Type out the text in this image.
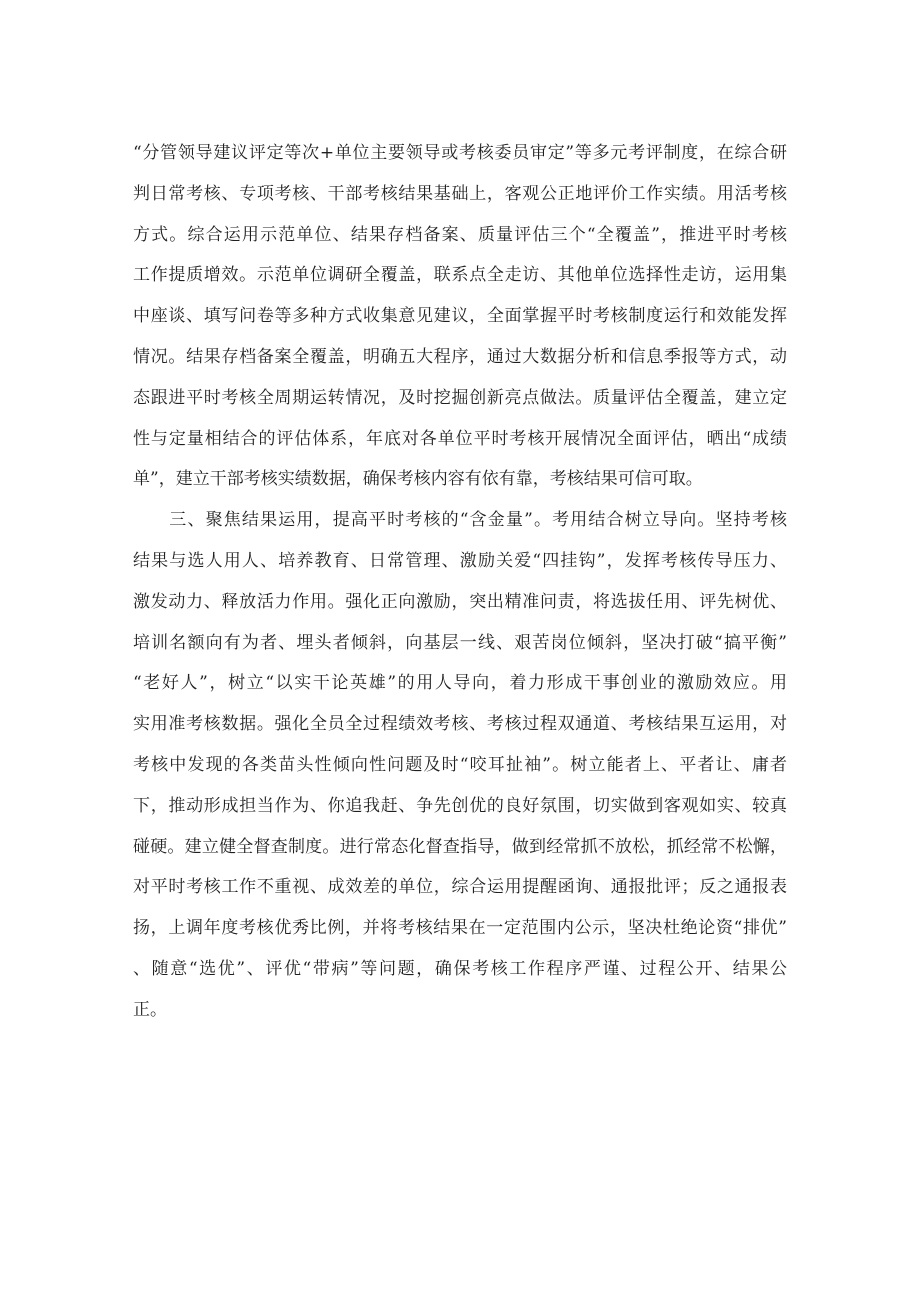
“分管领导建议评定等次+单位主要领导或考核委员审定”等多元考评制度，在综合研
判日常考核、专项考核、干部考核结果基础上，客观公正地评价工作实绩。用活考核
方式。综合运用示范单位、结果存档备案、质量评估三个“全覆盖”，推进平时考核
工作提质增效。示范单位调研全覆盖，联系点全走访、其他单位选择性走访，运用集
中座谈、填写问卷等多种方式收集意见建议，全面掌握平时考核制度运行和效能发挥
情况。结果存档备案全覆盖，明确五大程序，通过大数据分析和信息季报等方式，动
态跟进平时考核全周期运转情况，及时挖掘创新亮点做法。质量评估全覆盖，建立定
性与定量相结合的评估体系，年底对各单位平时考核开展情况全面评估，晒出“成绩
单”，建立干部考核实绩数据，确保考核内容有依有靠，考核结果可信可取。
　　三、聚焦结果运用，提高平时考核的“含金量”。考用结合树立导向。坚持考核
结果与选人用人、培养教育、日常管理、激励关爱“四挂钩”，发挥考核传导压力、
激发动力、释放活力作用。强化正向激励，突出精准问责，将选拔任用、评先树优、
培训名额向有为者、埋头者倾斜，向基层一线、艰苦岗位倾斜，坚决打破“搞平衡”
“老好人”，树立“以实干论英雄”的用人导向，着力形成干事创业的激励效应。用
实用准考核数据。强化全员全过程绩效考核、考核过程双通道、考核结果互运用，对
考核中发现的各类苗头性倾向性问题及时“咬耳扯袖”。树立能者上、平者让、庸者
下，推动形成担当作为、你追我赶、争先创优的良好氛围，切实做到客观如实、较真
碰硬。建立健全督查制度。进行常态化督查指导，做到经常抓不放松，抓经常不松懈，
对平时考核工作不重视、成效差的单位，综合运用提醒函询、通报批评；反之通报表
扬，上调年度考核优秀比例，并将考核结果在一定范围内公示，坚决杜绝论资“排优”
、随意“选优”、评优“带病”等问题，确保考核工作程序严谨、过程公开、结果公
正。
